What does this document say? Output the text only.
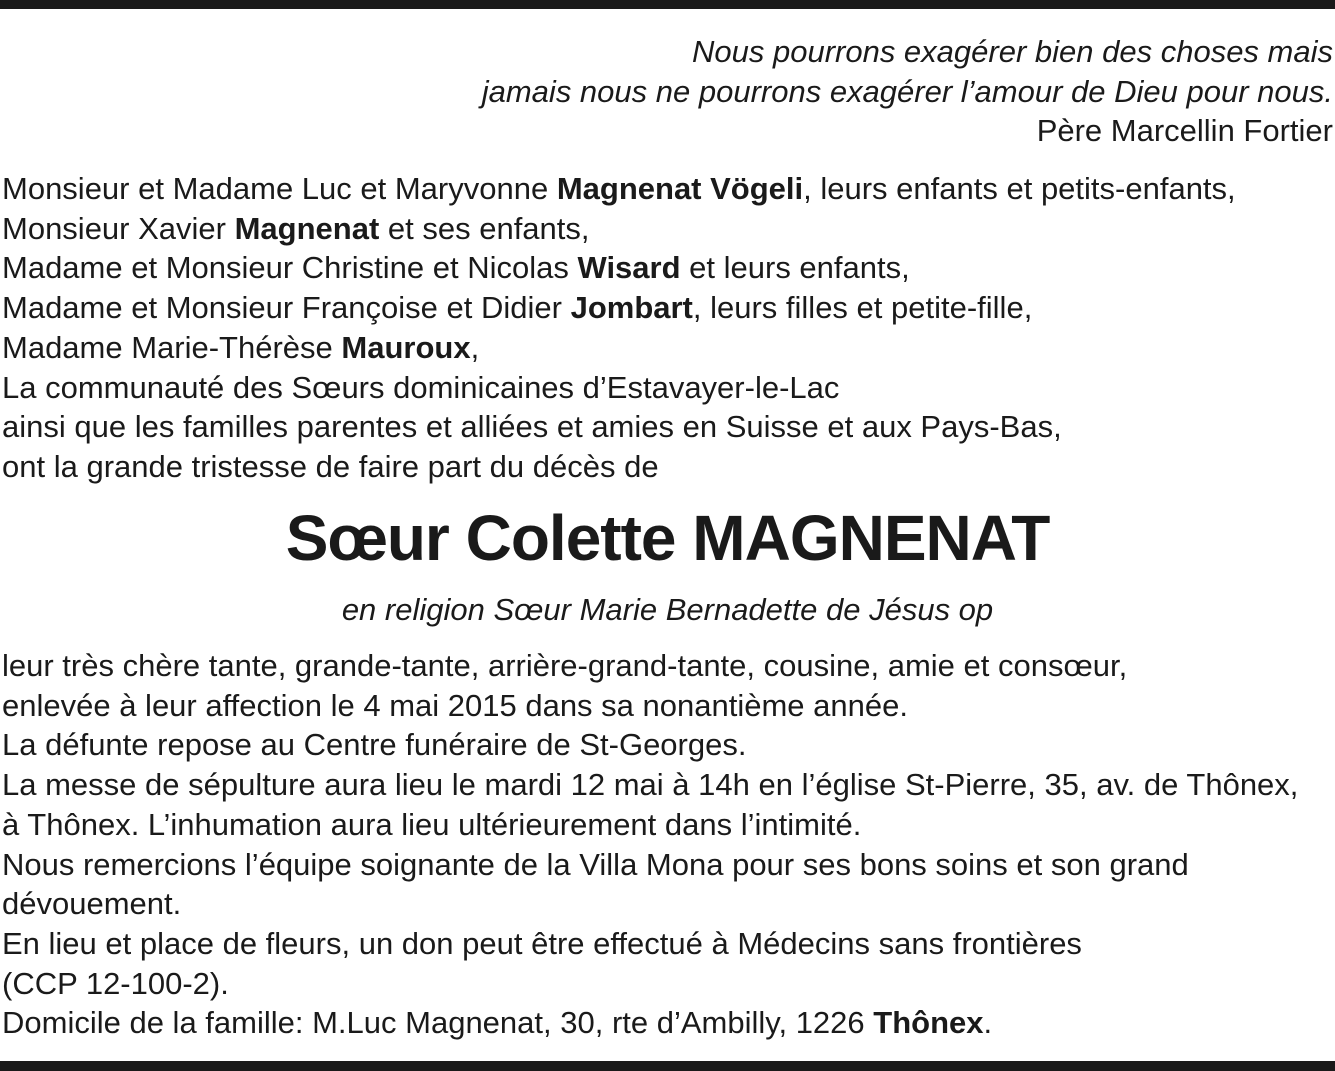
Nous pourrons exagérer bien des choses mais
jamais nous ne pourrons exagérer l’amour de Dieu pour nous.
Père Marcellin Fortier
Monsieur et Madame Luc et Maryvonne Magnenat Vögeli, leurs enfants et petits-enfants,
Monsieur Xavier Magnenat et ses enfants,
Madame et Monsieur Christine et Nicolas Wisard et leurs enfants,
Madame et Monsieur Françoise et Didier Jombart, leurs filles et petite-fille,
Madame Marie-Thérèse Mauroux,
La communauté des Sœurs dominicaines d’Estavayer-le-Lac
ainsi que les familles parentes et alliées et amies en Suisse et aux Pays-Bas,
ont la grande tristesse de faire part du décès de
Sœur Colette MAGNENAT
en religion Sœur Marie Bernadette de Jésus op
leur très chère tante, grande-tante, arrière-grand-tante, cousine, amie et consœur,
enlevée à leur affection le 4 mai 2015 dans sa nonantième année.
La défunte repose au Centre funéraire de St-Georges.
La messe de sépulture aura lieu le mardi 12 mai à 14h en l’église St-Pierre, 35, av. de Thônex,
à Thônex. L’inhumation aura lieu ultérieurement dans l’intimité.
Nous remercions l’équipe soignante de la Villa Mona pour ses bons soins et son grand
dévouement.
En lieu et place de fleurs, un don peut être effectué à Médecins sans frontières
(CCP 12-100-2).
Domicile de la famille: M.Luc Magnenat, 30, rte d’Ambilly, 1226 Thônex.
